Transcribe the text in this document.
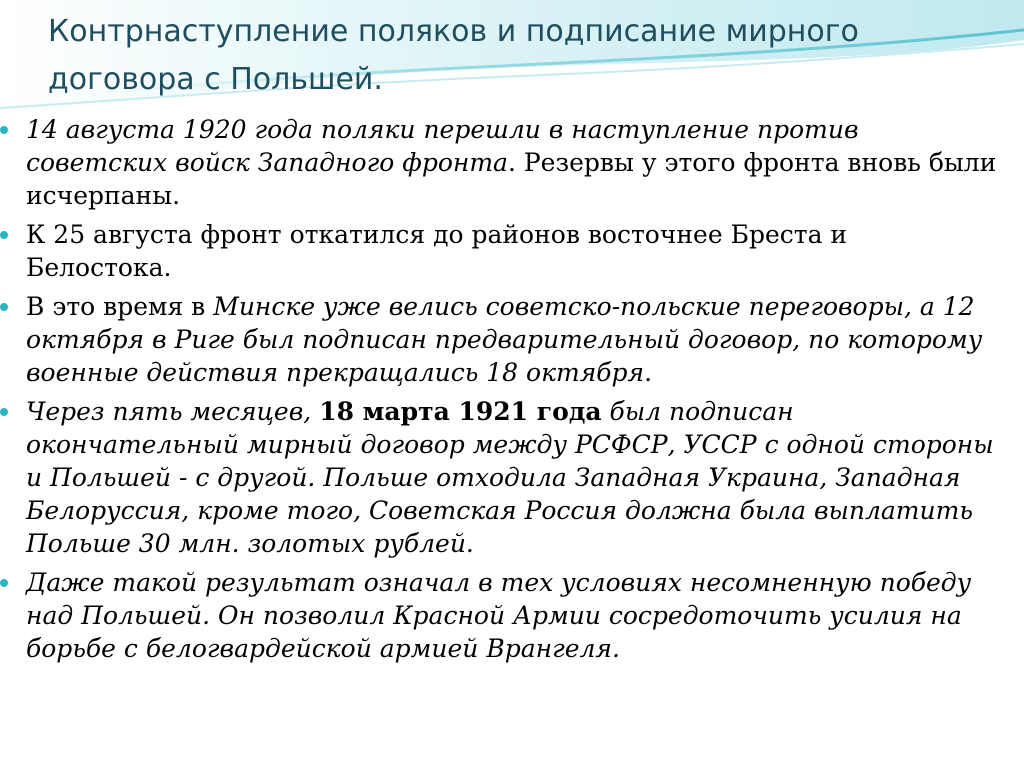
Контрнаступление поляков и подписание мирного договора с Польшей.
14 августа 1920 года поляки перешли в наступление против советских войск Западного фронта. Резервы у этого фронта вновь были исчерпаны.
К 25 августа фронт откатился до районов восточнее Бреста и Белостока.
В это время в Минске уже велись советско-польские переговоры, а 12 октября в Риге был подписан предварительный договор, по которому военные действия прекращались 18 октября.
Через пять месяцев, 18 марта 1921 года был подписан окончательный мирный договор между РСФСР, УССР с одной стороны и Польшей - с другой. Польше отходила Западная Украина, Западная Белоруссия, кроме того, Советская Россия должна была выплатить Польше 30 млн. золотых рублей.
Даже такой результат означал в тех условиях несомненную победу над Польшей. Он позволил Красной Армии сосредоточить усилия на борьбе с белогвардейской армией Врангеля.
